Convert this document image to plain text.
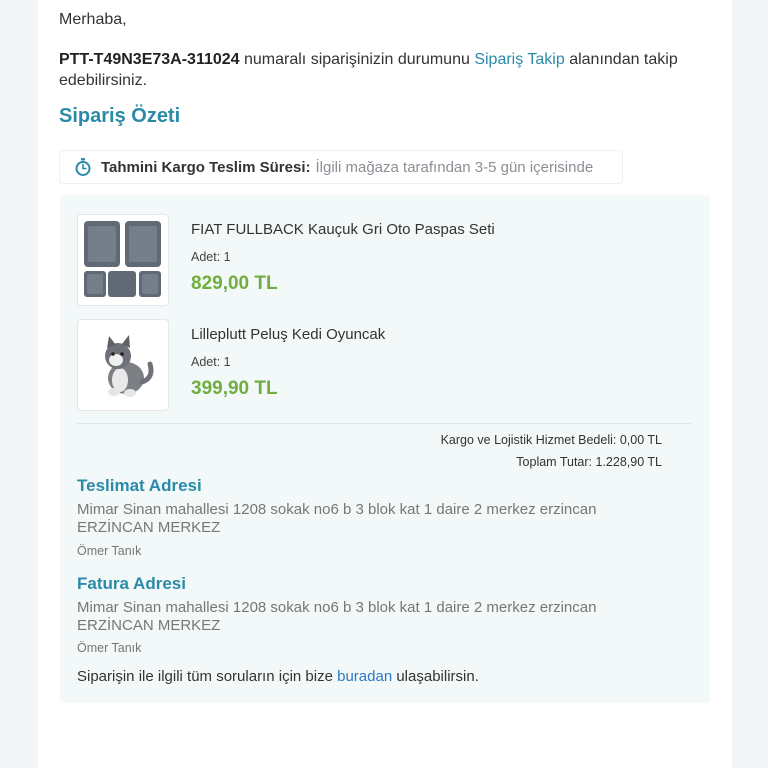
Merhaba,
PTT-T49N3E73A-311024 numaralı siparişinizin durumunu Sipariş Takip alanından takip edebilirsiniz.
Sipariş Özeti
Tahmini Kargo Teslim Süresi: İlgili mağaza tarafından 3-5 gün içerisinde
FIAT FULLBACK Kauçuk Gri Oto Paspas Seti
Adet: 1
829,00 TL
Lilleplutt Peluş Kedi Oyuncak
Adet: 1
399,90 TL
Kargo ve Lojistik Hizmet Bedeli: 0,00 TL
Toplam Tutar: 1.228,90 TL
Teslimat Adresi
Mimar Sinan mahallesi 1208 sokak no6 b 3 blok kat 1 daire 2 merkez erzincan ERZİNCAN MERKEZ
Ömer Tanık
Fatura Adresi
Mimar Sinan mahallesi 1208 sokak no6 b 3 blok kat 1 daire 2 merkez erzincan ERZİNCAN MERKEZ
Ömer Tanık
Siparişin ile ilgili tüm soruların için bize buradan ulaşabilirsin.
